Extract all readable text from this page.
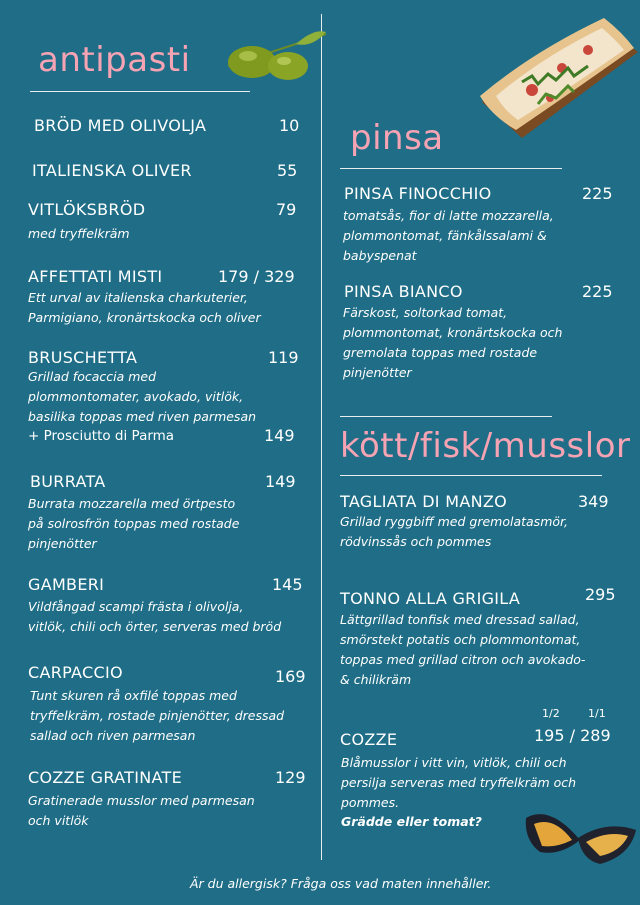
antipasti
pinsa
kött/fisk/musslor
BRÖD MED OLIVOLJA	10
ITALIENSKA OLIVER	55
VITLÖKSBRÖD	79
med tryffelkräm
AFFETTATI MISTI	179 / 329
Ett urval av italienska charkuterier,
Parmigiano, kronärtskocka och oliver
BRUSCHETTA	119
Grillad focaccia med
plommontomater, avokado, vitlök,
basilika toppas med riven parmesan
+ Prosciutto di Parma	149
BURRATA	149
Burrata mozzarella med örtpesto
på solrosfrön toppas med rostade
pinjenötter
GAMBERI	145
Vildfångad scampi frästa i olivolja,
vitlök, chili och örter, serveras med bröd
CARPACCIO	169
Tunt skuren rå oxfilé toppas med
tryffelkräm, rostade pinjenötter, dressad
sallad och riven parmesan
COZZE GRATINATE	129
Gratinerade musslor med parmesan
och vitlök
PINSA FINOCCHIO	225
tomatsås, fior di latte mozzarella,
plommontomat, fänkålssalami &
babyspenat
PINSA BIANCO	225
Färskost, soltorkad tomat,
plommontomat, kronärtskocka och
gremolata toppas med rostade
pinjenötter
TAGLIATA DI MANZO	349
Grillad ryggbiff med gremolatasmör,
rödvinssås och pommes
TONNO ALLA GRIGILA	295
Lättgrillad tonfisk med dressad sallad,
smörstekt potatis och plommontomat,
toppas med grillad citron och avokado-
& chilikräm
1/2	1/1
COZZE	195 / 289
Blåmusslor i vitt vin, vitlök, chili och
persilja serveras med tryffelkräm och
pommes.
Grädde eller tomat?
Är du allergisk? Fråga oss vad maten innehåller.
